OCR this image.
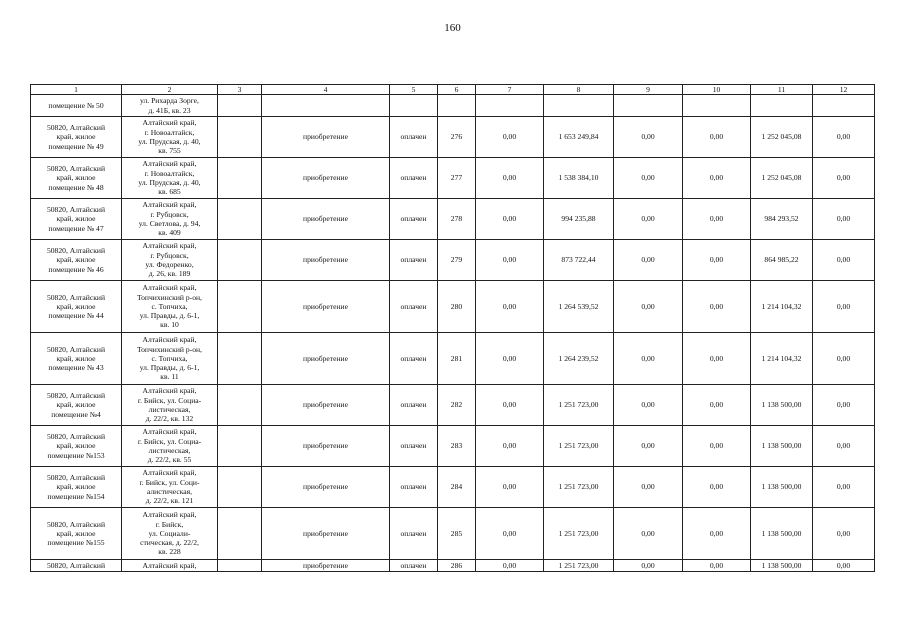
160
1	2	3	4	5	6	7	8	9	10	11	12
помещение № 50	ул. Рихарда Зорге,
д. 41Б, кв. 23										
50820, Алтайский
край, жилое
помещение № 49	Алтайский край,
г. Новоалтайск,
ул. Прудская, д. 40,
кв. 755		приобретение	оплачен	276	0,00	1 653 249,84	0,00	0,00	1 252 045,08	0,00
50820, Алтайский
край, жилое
помещение № 48	Алтайский край,
г. Новоалтайск,
ул. Прудская, д. 40,
кв. 685		приобретение	оплачен	277	0,00	1 538 384,10	0,00	0,00	1 252 045,08	0,00
50820, Алтайский
край, жилое
помещение № 47	Алтайский край,
г. Рубцовск,
ул. Светлова, д. 94,
кв. 409		приобретение	оплачен	278	0,00	994 235,88	0,00	0,00	984 293,52	0,00
50820, Алтайский
край, жилое
помещение № 46	Алтайский край,
г. Рубцовск,
ул. Федоренко,
д. 26, кв. 189		приобретение	оплачен	279	0,00	873 722,44	0,00	0,00	864 985,22	0,00
50820, Алтайский
край, жилое
помещение № 44	Алтайский край,
Топчихинский р-он,
с. Топчиха,
ул. Правды, д. 6-1,
кв. 10		приобретение	оплачен	280	0,00	1 264 539,52	0,00	0,00	1 214 104,32	0,00
50820, Алтайский
край, жилое
помещение № 43	Алтайский край,
Топчихинский р-он,
с. Топчиха,
ул. Правды, д. 6-1,
кв. 11		приобретение	оплачен	281	0,00	1 264 239,52	0,00	0,00	1 214 104,32	0,00
50820, Алтайский
край, жилое
помещение №4	Алтайский край,
г. Бийск, ул. Социа-
листическая,
д. 22/2, кв. 132		приобретение	оплачен	282	0,00	1 251 723,00	0,00	0,00	1 138 500,00	0,00
50820, Алтайский
край, жилое
помещение №153	Алтайский край,
г. Бийск, ул. Социа-
листическая,
д. 22/2, кв. 55		приобретение	оплачен	283	0,00	1 251 723,00	0,00	0,00	1 138 500,00	0,00
50820, Алтайский
край, жилое
помещение №154	Алтайский край,
г. Бийск, ул. Соци-
алистическая,
д. 22/2, кв. 121		приобретение	оплачен	284	0,00	1 251 723,00	0,00	0,00	1 138 500,00	0,00
50820, Алтайский
край, жилое
помещение №155	Алтайский край,
г. Бийск,
ул. Социали-
стическая, д. 22/2,
кв. 228		приобретение	оплачен	285	0,00	1 251 723,00	0,00	0,00	1 138 500,00	0,00
50820, Алтайский	Алтайский край,		приобретение	оплачен	286	0,00	1 251 723,00	0,00	0,00	1 138 500,00	0,00
